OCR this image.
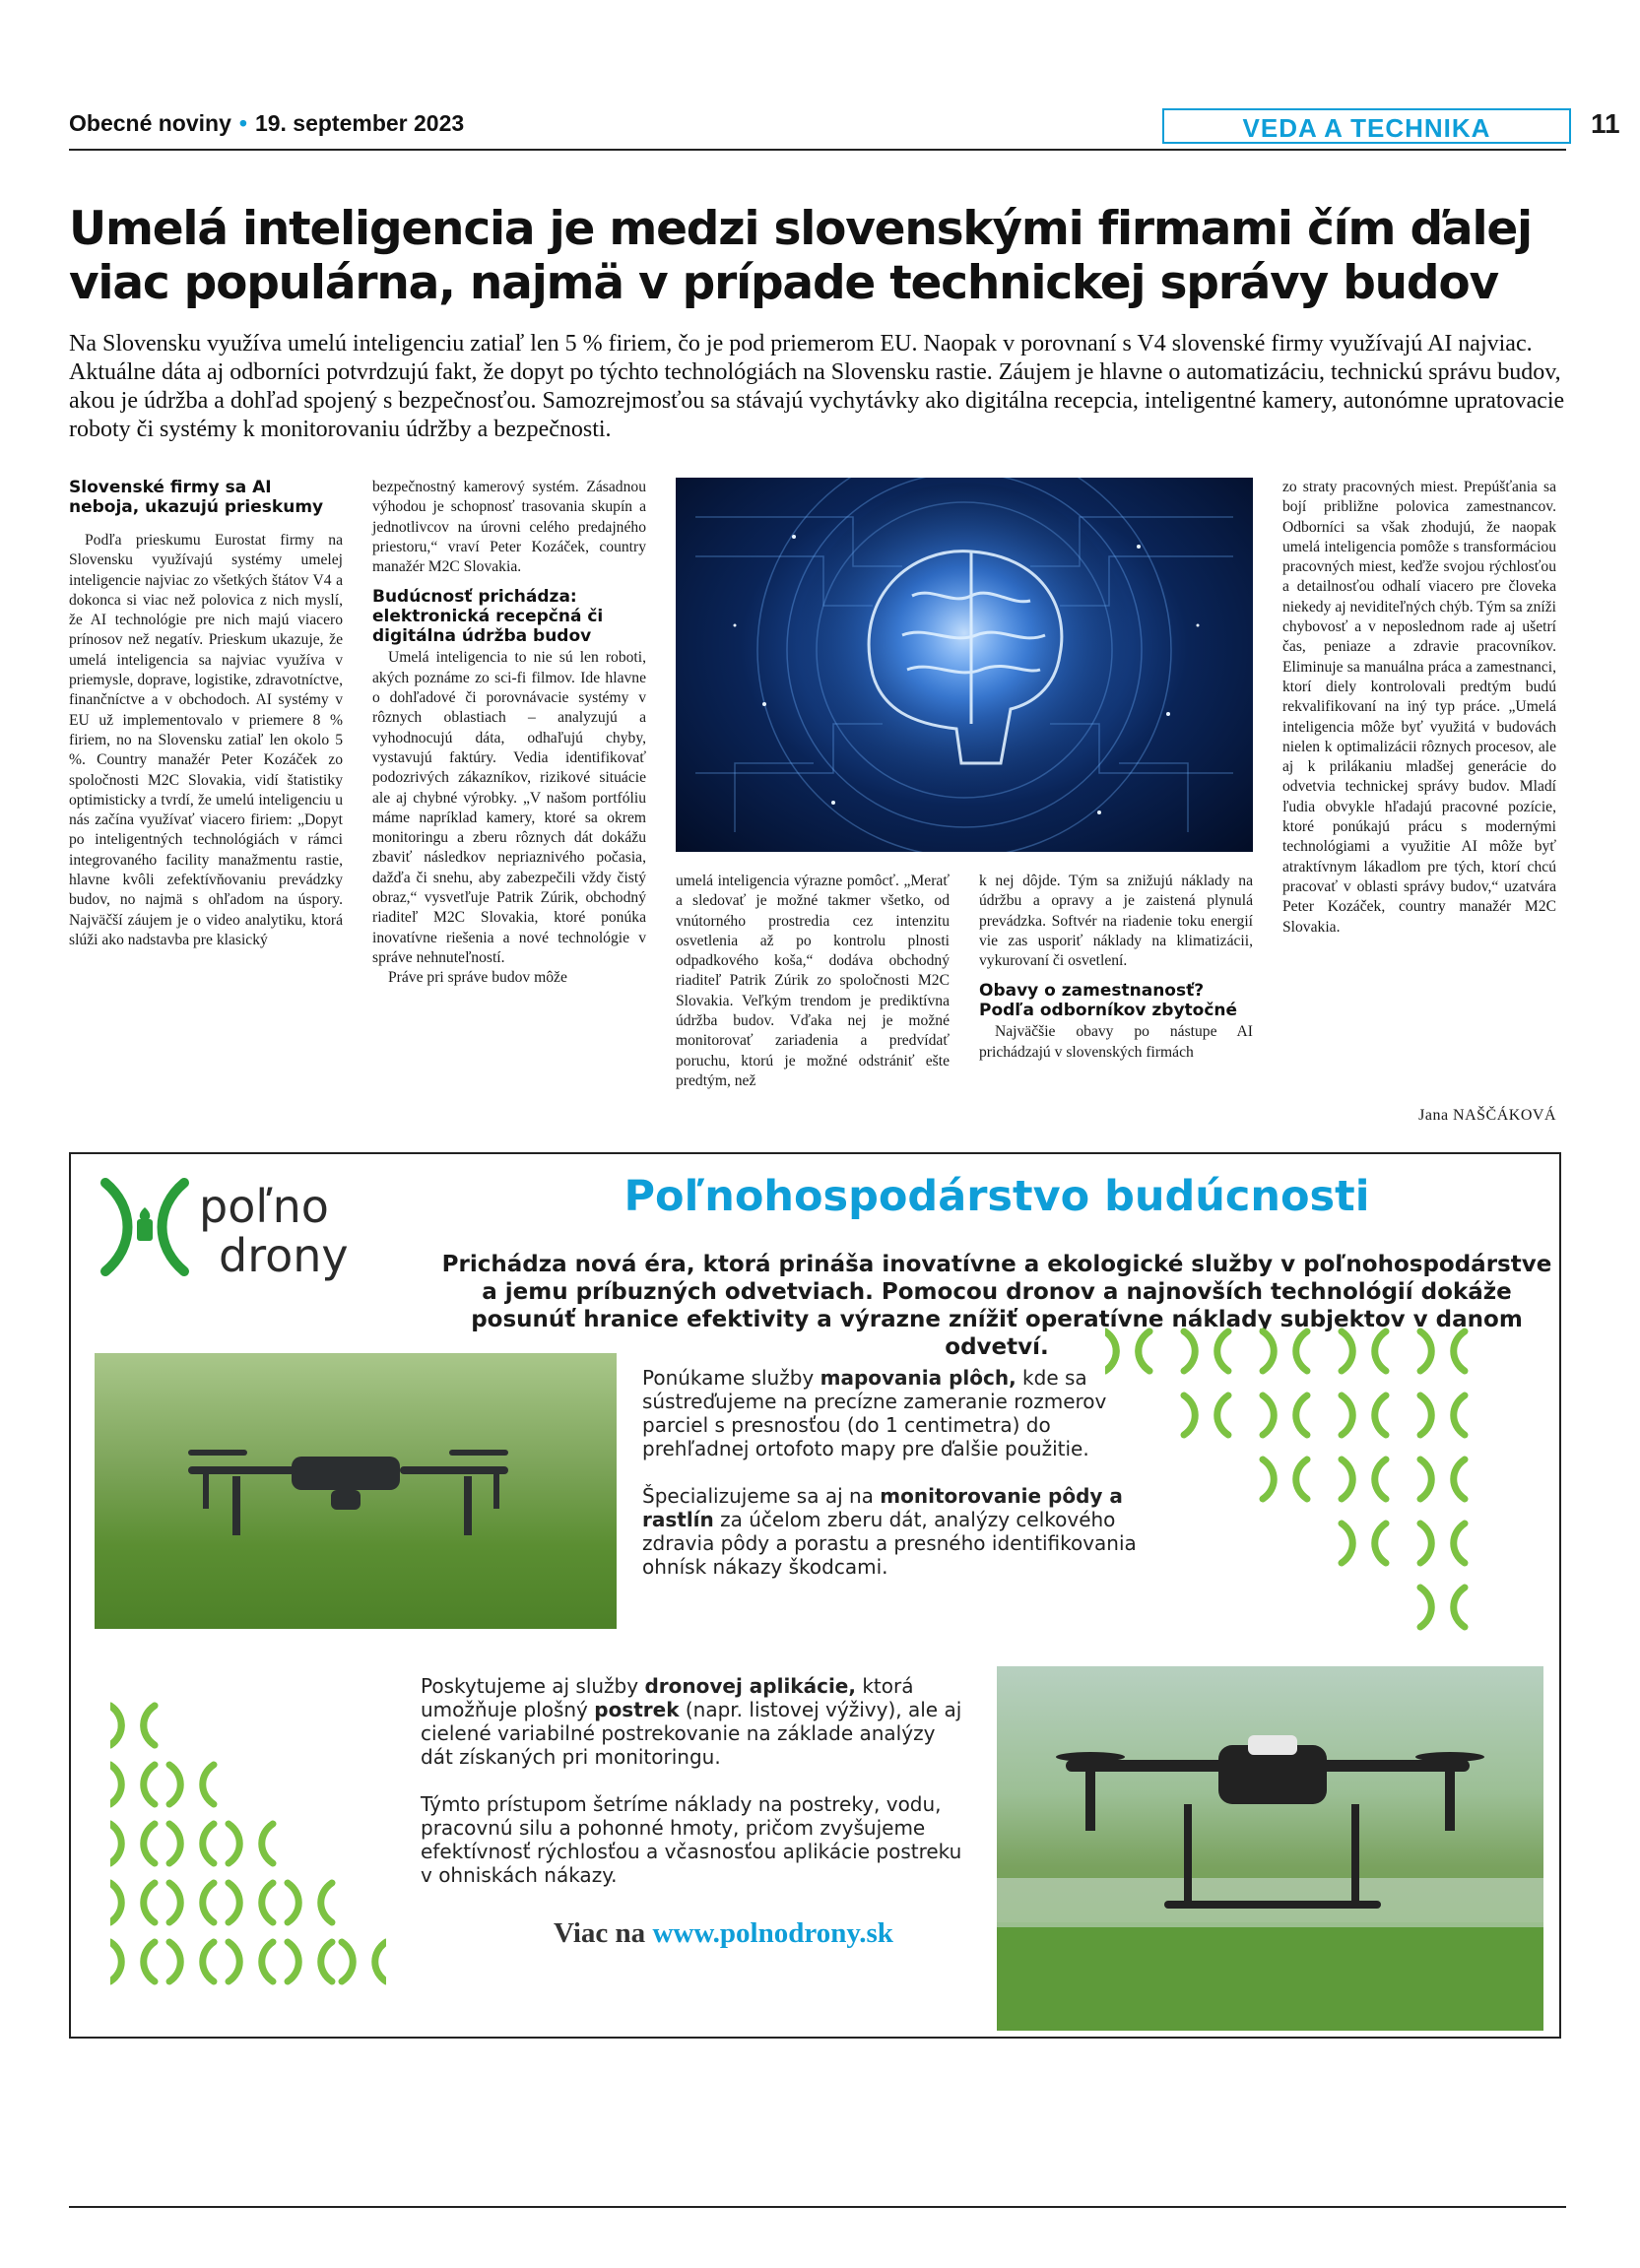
Obecné noviny • 19. september 2023	VEDA A TECHNIKA	11
Umelá inteligencia je medzi slovenskými firmami čím ďalej viac populárna, najmä v prípade technickej správy budov

Na Slovensku využíva umelú inteligenciu zatiaľ len 5 % firiem, čo je pod priemerom EU. Naopak v porovnaní s V4 slovenské firmy využívajú AI najviac. Aktuálne dáta aj odborníci potvrdzujú fakt, že dopyt po týchto technológiách na Slovensku rastie. Záujem je hlavne o automatizáciu, technickú správu budov, akou je údržba a dohľad spojený s bezpečnosťou. Samozrejmosťou sa stávajú vychytávky ako digitálna recepcia, inteligentné kamery, autonómne upratovacie roboty či systémy k monitorovaniu údržby a bezpečnosti.

Slovenské firmy sa AI neboja, ukazujú prieskumy

Podľa prieskumu Eurostat firmy na Slovensku využívajú systémy umelej inteligencie najviac zo všetkých štátov V4 a dokonca si viac než polovica z nich myslí, že AI technológie pre nich majú viacero prínosov než negatív. Prieskum ukazuje, že umelá inteligencia sa najviac využíva v priemysle, doprave, logistike, zdravotníctve, finančníctve a v obchodoch. AI systémy v EU už implementovalo v priemere 8 % firiem, no na Slovensku zatiaľ len okolo 5 %. Country manažér Peter Kozáček zo spoločnosti M2C Slovakia, vidí štatistiky optimisticky a tvrdí, že umelú inteligenciu u nás začína využívať viacero firiem: „Dopyt po inteligentných technológiách v rámci integrovaného facility manažmentu rastie, hlavne kvôli zefektívňovaniu prevádzky budov, no najmä s ohľadom na úspory. Najväčší záujem je o video analytiku, ktorá slúži ako nadstavba pre klasický

bezpečnostný kamerový systém. Zásadnou výhodou je schopnosť trasovania skupín a jednotlivcov na úrovni celého predajného priestoru,“ vraví Peter Kozáček, country manažér M2C Slovakia.

Budúcnosť prichádza: elektronická recepčná či digitálna údržba budov

Umelá inteligencia to nie sú len roboti, akých poznáme zo sci-fi filmov. Ide hlavne o dohľadové či porovnávacie systémy v rôznych oblastiach – analyzujú a vyhodnocujú dáta, odhaľujú chyby, vystavujú faktúry. Vedia identifikovať podozrivých zákazníkov, rizikové situácie ale aj chybné výrobky. „V našom portfóliu máme napríklad kamery, ktoré sa okrem monitoringu a zberu rôznych dát dokážu zbaviť následkov nepriaznivého počasia, dažďa či snehu, aby zabezpečili vždy čistý obraz,“ vysvetľuje Patrik Zúrik, obchodný riaditeľ M2C Slovakia, ktoré ponúka inovatívne riešenia a nové technológie v správe nehnuteľností.

Práve pri správe budov môže

umelá inteligencia výrazne pomôcť. „Merať a sledovať je možné takmer všetko, od vnútorného prostredia cez intenzitu osvetlenia až po kontrolu plnosti odpadkového koša,“ dodáva obchodný riaditeľ Patrik Zúrik zo spoločnosti M2C Slovakia. Veľkým trendom je prediktívna údržba budov. Vďaka nej je možné monitorovať zariadenia a predvídať poruchu, ktorú je možné odstrániť ešte predtým, než

k nej dôjde. Tým sa znižujú náklady na údržbu a opravy a je zaistená plynulá prevádzka. Softvér na riadenie toku energií vie zas usporiť náklady na klimatizácii, vykurovaní či osvetlení.

Obavy o zamestnanosť? Podľa odborníkov zbytočné

Najväčšie obavy po nástupe AI prichádzajú v slovenských firmách

zo straty pracovných miest. Prepúšťania sa bojí približne polovica zamestnancov. Odborníci sa však zhodujú, že naopak umelá inteligencia pomôže s transformáciou pracovných miest, keďže svojou rýchlosťou a detailnosťou odhalí viacero pre človeka niekedy aj neviditeľných chýb. Tým sa zníži chybovosť a v neposlednom rade aj ušetrí čas, peniaze a zdravie pracovníkov. Eliminuje sa manuálna práca a zamestnanci, ktorí diely kontrolovali predtým budú rekvalifikovaní na iný typ práce. „Umelá inteligencia môže byť využitá v budovách nielen k optimalizácii rôznych procesov, ale aj k prilákaniu mladšej generácie do odvetvia technickej správy budov. Mladí ľudia obvykle hľadajú pracovné pozície, ktoré ponúkajú prácu s modernými technológiami a využitie AI môže byť atraktívnym lákadlom pre tých, ktorí chcú pracovať v oblasti správy budov,“ uzatvára Peter Kozáček, country manažér M2C Slovakia.

Jana NAŠČÁKOVÁ
poľno
drony
Poľnohospodárstvo budúcnosti
Prichádza nová éra, ktorá prináša inovatívne a ekologické služby v poľnohospodárstve a jemu príbuzných odvetviach. Pomocou dronov a najnovších technológií dokáže posunúť hranice efektivity a výrazne znížiť operatívne náklady subjektov v danom odvetví.

Ponúkame služby mapovania plôch, kde sa sústreďujeme na precízne zameranie rozmerov parciel s presnosťou (do 1 centimetra) do prehľadnej ortofoto mapy pre ďalšie použitie.

Špecializujeme sa aj na monitorovanie pôdy a rastlín za účelom zberu dát, analýzy celkového zdravia pôdy a porastu a presného identifikovania ohnísk nákazy škodcami.

Poskytujeme aj služby dronovej aplikácie, ktorá umožňuje plošný postrek (napr. listovej výživy), ale aj cielené variabilné postrekovanie na základe analýzy dát získaných pri monitoringu.

Týmto prístupom šetríme náklady na postreky, vodu, pracovnú silu a pohonné hmoty, pričom zvyšujeme efektívnosť rýchlosťou a včasnosťou aplikácie postreku v ohniskách nákazy.

Viac na www.polnodrony.sk
